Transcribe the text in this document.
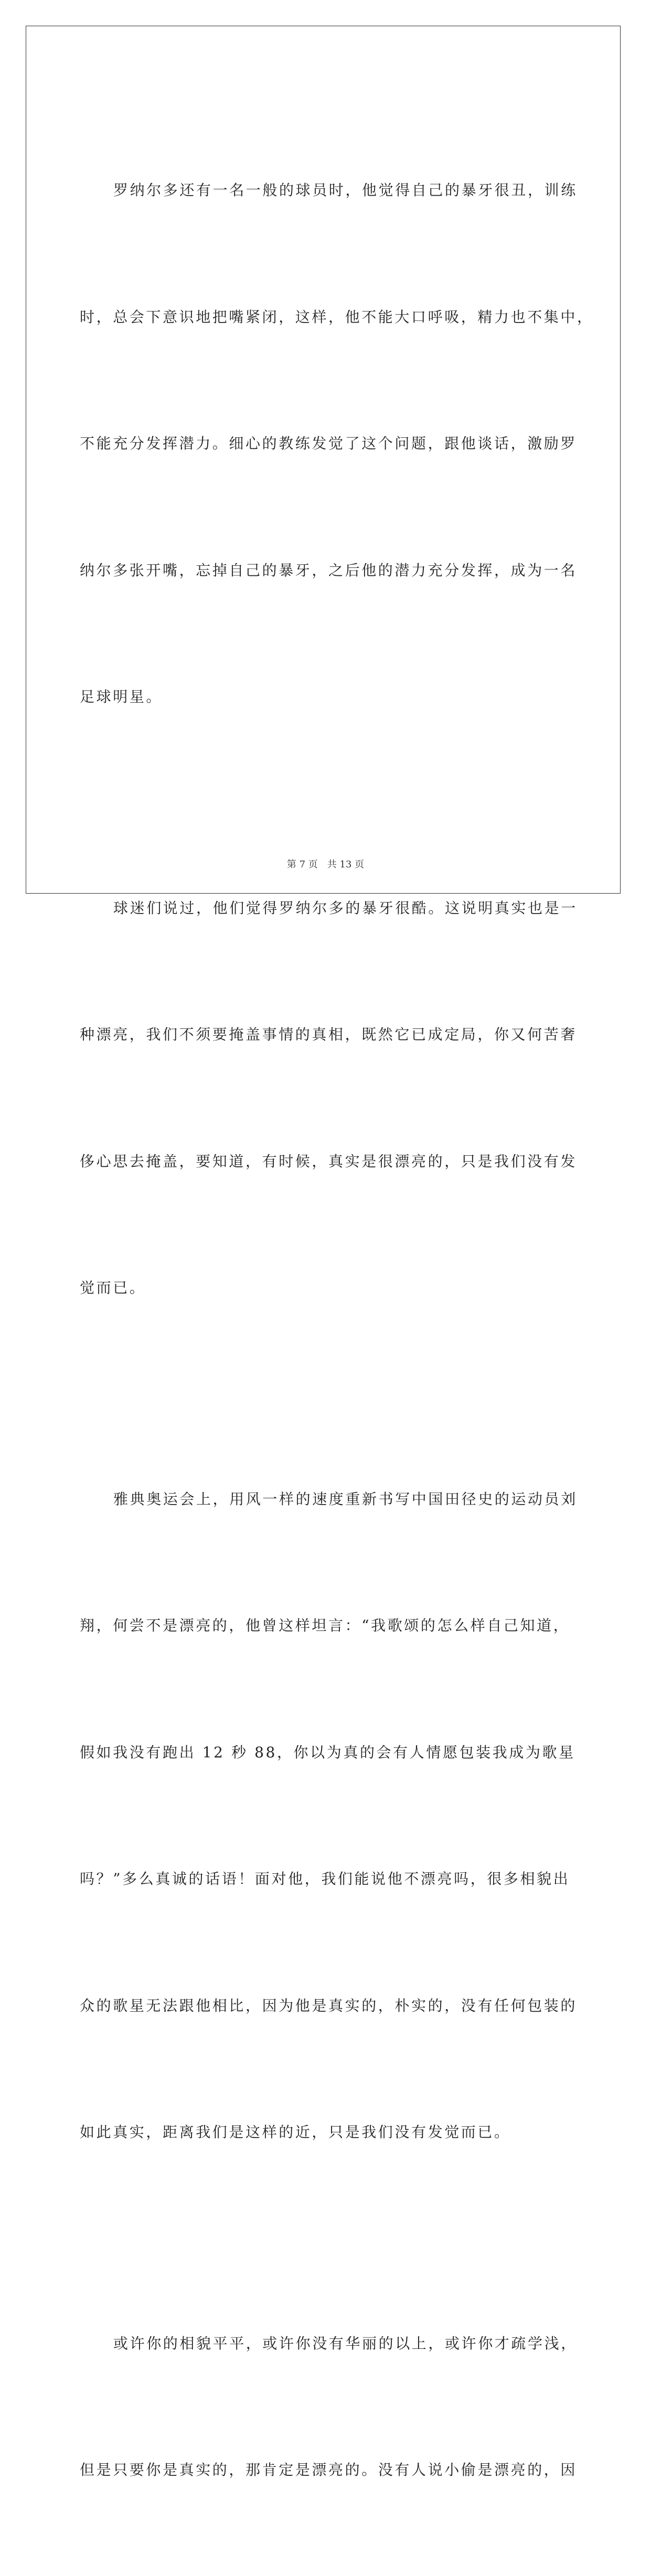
罗纳尔多还有一名一般的球员时，他觉得自己的暴牙很丑，训练

时，总会下意识地把嘴紧闭，这样，他不能大口呼吸，精力也不集中，

不能充分发挥潜力。细心的教练发觉了这个问题，跟他谈话，激励罗

纳尔多张开嘴，忘掉自己的暴牙，之后他的潜力充分发挥，成为一名

足球明星。

球迷们说过，他们觉得罗纳尔多的暴牙很酷。这说明真实也是一

种漂亮，我们不须要掩盖事情的真相，既然它已成定局，你又何苦奢

侈心思去掩盖，要知道，有时候，真实是很漂亮的，只是我们没有发

觉而已。

雅典奥运会上，用风一样的速度重新书写中国田径史的运动员刘

翔，何尝不是漂亮的，他曾这样坦言：“我歌颂的怎么样自己知道，

假如我没有跑出 12 秒 88，你以为真的会有人情愿包装我成为歌星

吗？”多么真诚的话语！面对他，我们能说他不漂亮吗，很多相貌出

众的歌星无法跟他相比，因为他是真实的，朴实的，没有任何包装的

如此真实，距离我们是这样的近，只是我们没有发觉而已。

或许你的相貌平平，或许你没有华丽的以上，或许你才疏学浅，

但是只要你是真实的，那肯定是漂亮的。没有人说小偷是漂亮的，因

第 7 页 共 13 页
